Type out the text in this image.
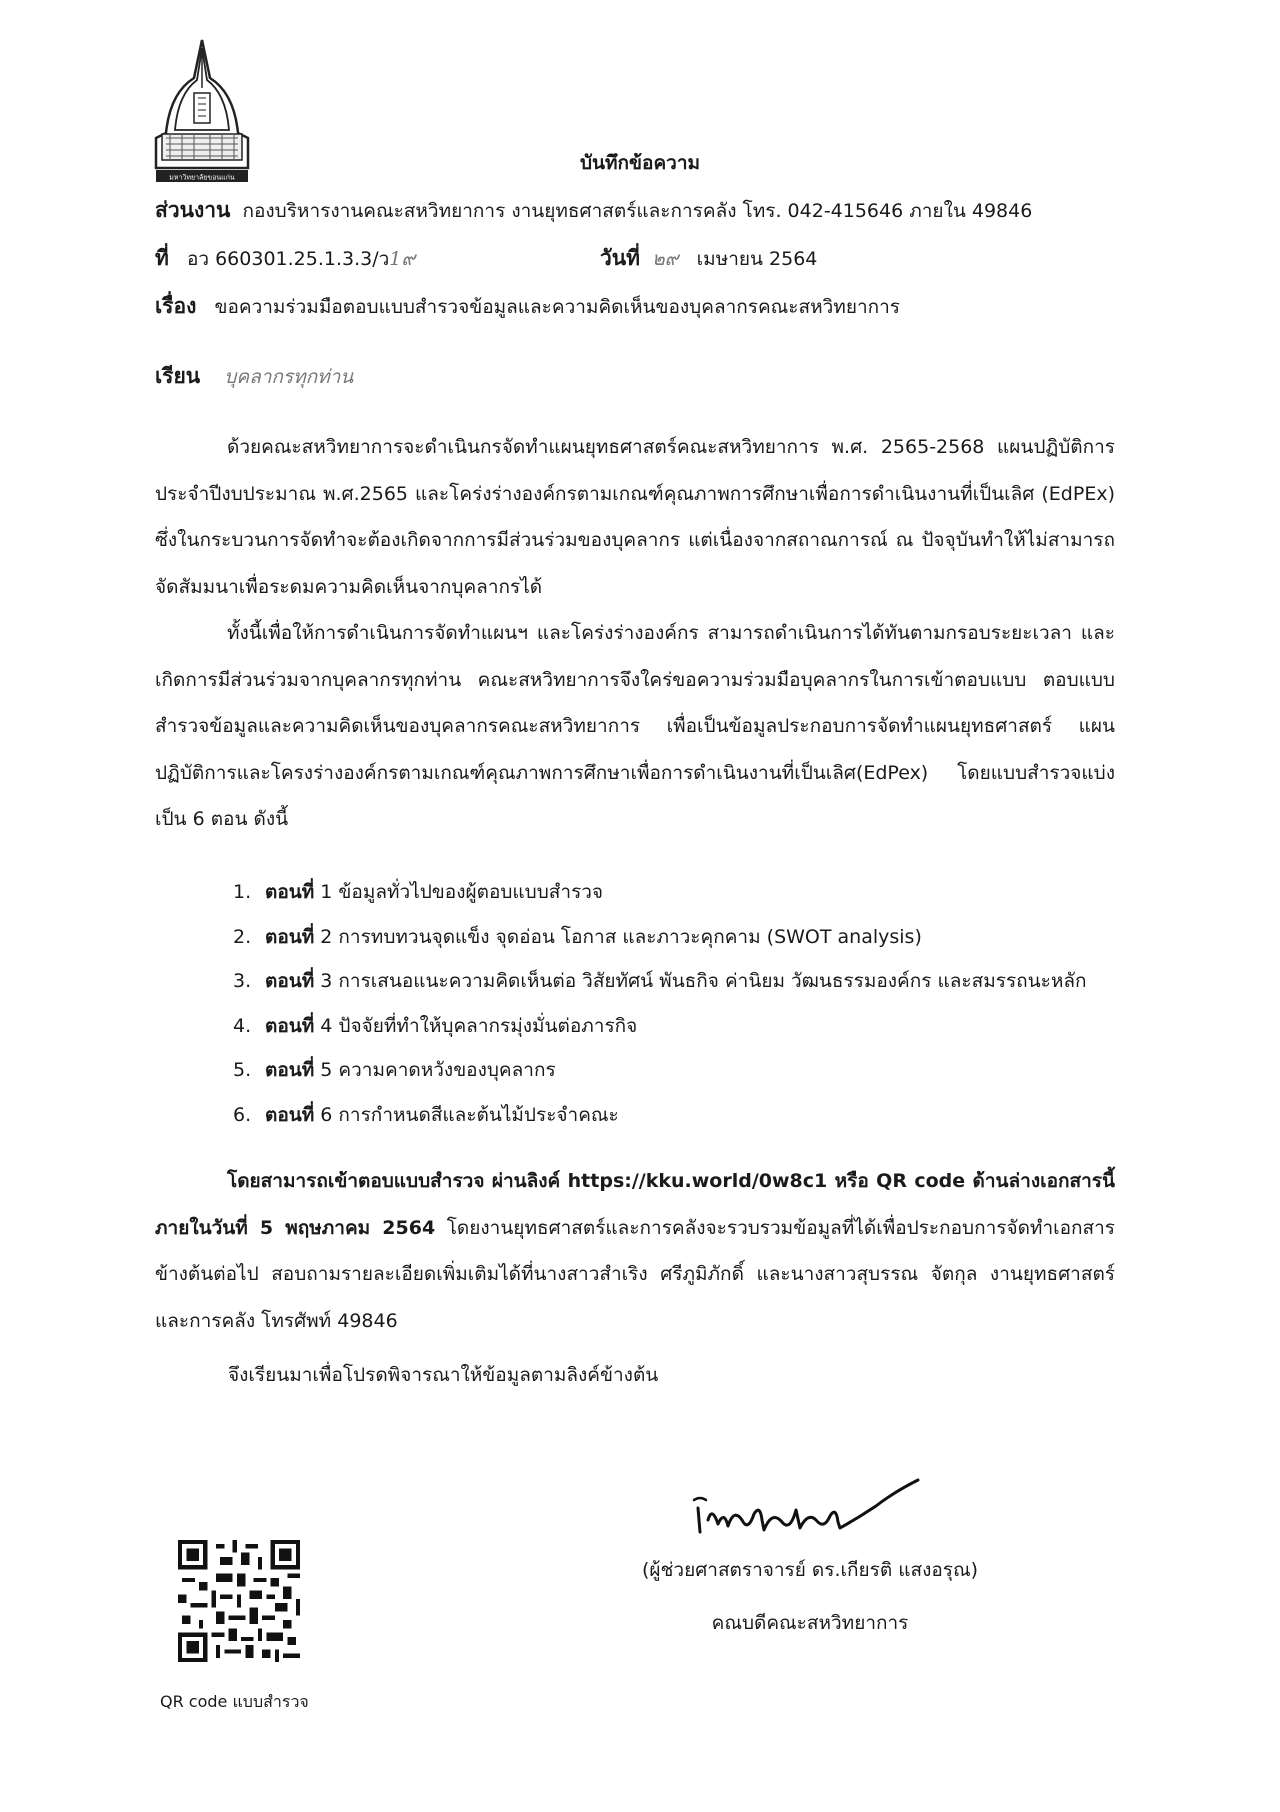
มหาวิทยาลัยขอนแก่น
บันทึกข้อความ
ส่วนงาน กองบริหารงานคณะสหวิทยาการ งานยุทธศาสตร์และการคลัง โทร. 042-415646 ภายใน 49846
ที่ อว 660301.25.1.3.3/ว1๙	วันที่ ๒๙ เมษายน 2564
เรื่อง ขอความร่วมมือตอบแบบสำรวจข้อมูลและความคิดเห็นของบุคลากรคณะสหวิทยาการ
เรียน บุคลากรทุกท่าน
ด้วยคณะสหวิทยาการจะดำเนินกรจัดทำแผนยุทธศาสตร์คณะสหวิทยาการ พ.ศ. 2565-2568 แผนปฏิบัติการประจำปีงบประมาณ พ.ศ.2565 และโคร่งร่างองค์กรตามเกณฑ์คุณภาพการศึกษาเพื่อการดำเนินงานที่เป็นเลิศ (EdPEx) ซึ่งในกระบวนการจัดทำจะต้องเกิดจากการมีส่วนร่วมของบุคลากร แต่เนื่องจากสถาณการณ์ ณ ปัจจุบันทำให้ไม่สามารถจัดสัมมนาเพื่อระดมความคิดเห็นจากบุคลากรได้
ทั้งนี้เพื่อให้การดำเนินการจัดทำแผนฯ และโคร่งร่างองค์กร สามารถดำเนินการได้ทันตามกรอบระยะเวลา และเกิดการมีส่วนร่วมจากบุคลากรทุกท่าน คณะสหวิทยาการจึงใคร่ขอความร่วมมือบุคลากรในการเข้าตอบแบบ ตอบแบบสำรวจข้อมูลและความคิดเห็นของบุคลากรคณะสหวิทยาการ เพื่อเป็นข้อมูลประกอบการจัดทำแผนยุทธศาสตร์ แผนปฏิบัติการและโครงร่างองค์กรตามเกณฑ์คุณภาพการศึกษาเพื่อการดำเนินงานที่เป็นเลิศ(EdPex) โดยแบบสำรวจแบ่งเป็น 6 ตอน ดังนี้
1. ตอนที่ 1 ข้อมูลทั่วไปของผู้ตอบแบบสำรวจ
2. ตอนที่ 2 การทบทวนจุดแข็ง จุดอ่อน โอกาส และภาวะคุกคาม (SWOT analysis)
3. ตอนที่ 3 การเสนอแนะความคิดเห็นต่อ วิสัยทัศน์ พันธกิจ ค่านิยม วัฒนธรรมองค์กร และสมรรถนะหลัก
4. ตอนที่ 4 ปัจจัยที่ทำให้บุคลากรมุ่งมั่นต่อภารกิจ
5. ตอนที่ 5 ความคาดหวังของบุคลากร
6. ตอนที่ 6 การกำหนดสีและต้นไม้ประจำคณะ
โดยสามารถเข้าตอบแบบสำรวจ ผ่านลิงค์ https://kku.world/0w8c1 หรือ QR code ด้านล่างเอกสารนี้ ภายในวันที่ 5 พฤษภาคม 2564 โดยงานยุทธศาสตร์และการคลังจะรวบรวมข้อมูลที่ได้เพื่อประกอบการจัดทำเอกสารข้างต้นต่อไป สอบถามรายละเอียดเพิ่มเติมได้ที่นางสาวสำเริง ศรีภูมิภักดิ์ และนางสาวสุบรรณ จัตกุล งานยุทธศาสตร์และการคลัง โทรศัพท์ 49846
จึงเรียนมาเพื่อโปรดพิจารณาให้ข้อมูลตามลิงค์ข้างต้น
(ผู้ช่วยศาสตราจารย์ ดร.เกียรติ แสงอรุณ)
คณบดีคณะสหวิทยาการ
QR code แบบสำรวจ
